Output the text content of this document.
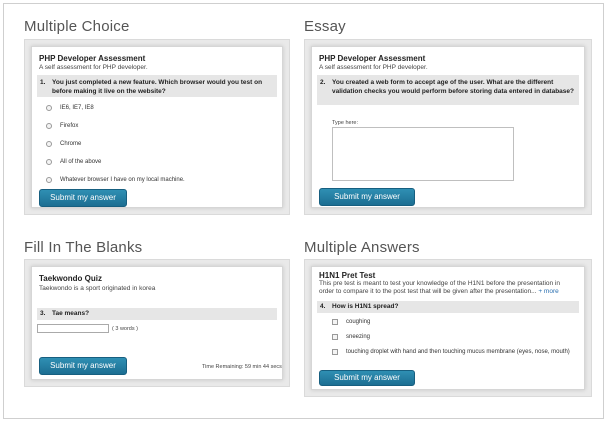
Multiple Choice
PHP Developer Assessment
A self assessment for PHP developer.
1. You just completed a new feature. Which browser would you test on before making it live on the website?
IE6, IE7, IE8
Firefox
Chrome
All of the above
Whatever browser I have on my local machine.
Submit my answer
Essay
PHP Developer Assessment
A self assessment for PHP developer.
2. You created a web form to accept age of the user. What are the different validation checks you would perform before storing data entered in database?
Type here:
Submit my answer
Fill In The Blanks
Taekwondo Quiz
Taekwondo is a sport originated in korea
3. Tae means?
( 3 words )
Submit my answer	Time Remaining: 59 min 44 secs
Multiple Answers
H1N1 Pret Test
This pre test is meant to test your knowledge of the H1N1 before the presentation in order to compare it to the post test that will be given after the presentation... + more
4. How is H1N1 spread?
coughing
sneezing
touching droplet with hand and then touching mucus membrane (eyes, nose, mouth)
Submit my answer
